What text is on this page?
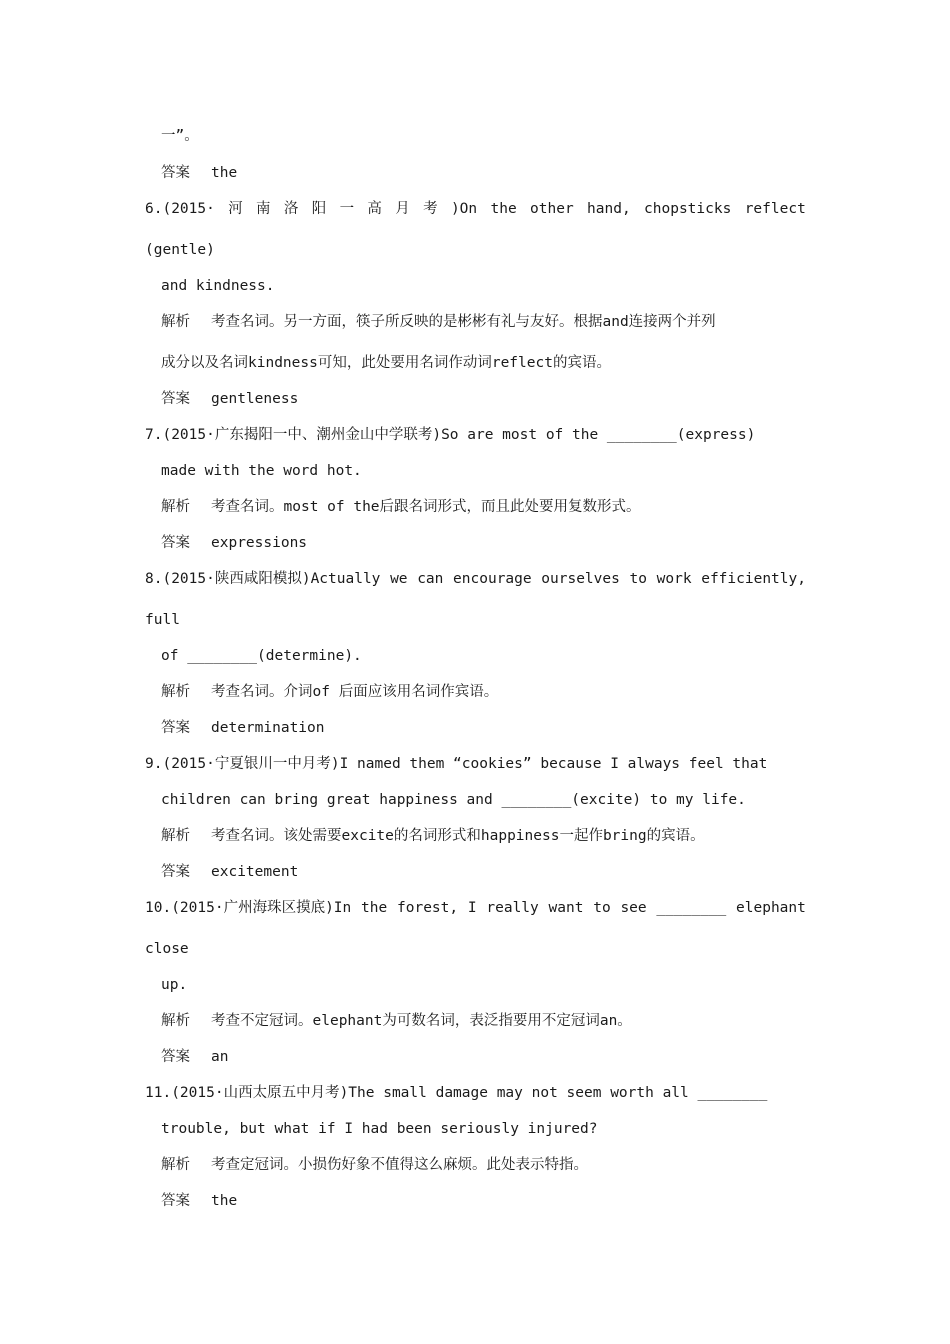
一”。
答案 the
6.(2015· 河 南 洛 阳 一 高 月 考 )On the other hand, chopsticks reflect
(gentle)
and kindness.
解析 考查名词。另一方面，筷子所反映的是彬彬有礼与友好。根据and连接两个并列
成分以及名词kindness可知，此处要用名词作动词reflect的宾语。
答案 gentleness
7.(2015·广东揭阳一中、潮州金山中学联考)So are most of the ________(express)
made with the word hot.
解析 考查名词。most of the后跟名词形式，而且此处要用复数形式。
答案 expressions
8.(2015·陕西咸阳模拟)Actually we can encourage ourselves to work efficiently,
full
of ________(determine).
解析 考查名词。介词of 后面应该用名词作宾语。
答案 determination
9.(2015·宁夏银川一中月考)I named them “cookies” because I always feel that
children can bring great happiness and ________(excite) to my life.
解析 考查名词。该处需要excite的名词形式和happiness一起作bring的宾语。
答案 excitement
10.(2015·广州海珠区摸底)In the forest, I really want to see ________ elephant
close
up.
解析 考查不定冠词。elephant为可数名词，表泛指要用不定冠词an。
答案 an
11.(2015·山西太原五中月考)The small damage may not seem worth all ________
trouble, but what if I had been seriously injured?
解析 考查定冠词。小损伤好象不值得这么麻烦。此处表示特指。
答案 the
